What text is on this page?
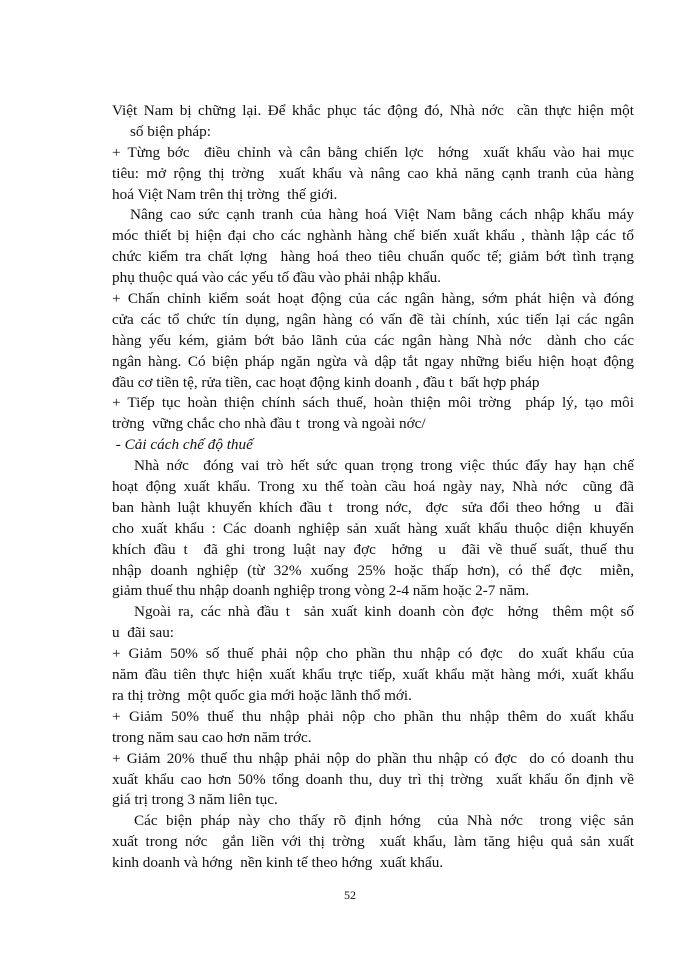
Việt Nam bị chững lại. Để khắc phục tác động đó, Nhà nớc  cần thực hiện một
số biện pháp:
+ Từng bớc  điều chỉnh và cân bằng chiến lợc  hớng  xuất khẩu vào hai mục
tiêu: mở rộng thị trờng  xuất khẩu và nâng cao khả năng cạnh tranh của hàng
hoá Việt Nam trên thị trờng  thế giới.
Nâng cao sức cạnh tranh của hàng hoá Việt Nam bằng cách nhập khẩu máy
móc thiết bị hiện đại cho các nghành hàng chế biến xuất khẩu , thành lập các tổ
chức kiểm tra chất lợng  hàng hoá theo tiêu chuẩn quốc tế; giảm bớt tình trạng
phụ thuộc quá vào các yếu tố đầu vào phải nhập khẩu.
+ Chấn chỉnh kiểm soát hoạt động của các ngân hàng, sớm phát hiện và đóng
cửa các tổ chức tín dụng, ngân hàng có vấn đề tài chính, xúc tiến lại các ngân
hàng yếu kém, giảm bớt bảo lãnh của các ngân hàng Nhà nớc  dành cho các
ngân hàng. Có biện pháp ngăn ngừa và dập tắt ngay những biểu hiện hoạt động
đầu cơ tiền tệ, rửa tiền, cac hoạt động kinh doanh , đầu t  bất hợp pháp
+ Tiếp tục hoàn thiện chính sách thuế, hoàn thiện môi trờng  pháp lý, tạo môi
trờng  vững chắc cho nhà đầu t  trong và ngoài nớc/
- Cải cách chế độ thuế
Nhà nớc  đóng vai trò hết sức quan trọng trong việc thúc đẩy hay hạn chế
hoạt động xuất khẩu. Trong xu thế toàn cầu hoá ngày nay, Nhà nớc  cũng đã
ban hành luật khuyến khích đầu t  trong nớc,  đợc  sửa đổi theo hớng  u  đãi
cho xuất khẩu : Các doanh nghiệp sản xuất hàng xuất khẩu thuộc diện khuyến
khích đầu t  đã ghi trong luật nay đợc  hởng  u  đãi về thuế suất, thuế thu
nhập doanh nghiệp (từ 32% xuống 25% hoặc thấp hơn), có thể đợc  miễn,
giảm thuế thu nhập doanh nghiệp trong vòng 2-4 năm hoặc 2-7 năm.
Ngoài ra, các nhà đầu t  sản xuất kinh doanh còn đợc  hởng  thêm một số
u  đãi sau:
+ Giảm 50% số thuế phải nộp cho phần thu nhập có đợc  do xuất khẩu của
năm đầu tiên thực hiện xuất khẩu trực tiếp, xuất khẩu mặt hàng mới, xuất khẩu
ra thị trờng  một quốc gia mới hoặc lãnh thổ mới.
+ Giảm 50% thuế thu nhập phải nộp cho phần thu nhập thêm do xuất khẩu
trong năm sau cao hơn năm trớc.
+ Giảm 20% thuế thu nhập phải nộp do phần thu nhập có đợc  do có doanh thu
xuất khẩu cao hơn 50% tổng doanh thu, duy trì thị trờng  xuất khẩu ổn định về
giá trị trong 3 năm liên tục.
Các biện pháp này cho thấy rõ định hớng  của Nhà nớc  trong việc sản
xuất trong nớc  gắn liền với thị trờng  xuất khẩu, làm tăng hiệu quả sản xuất
kinh doanh và hớng  nền kinh tế theo hớng  xuất khẩu.
52
